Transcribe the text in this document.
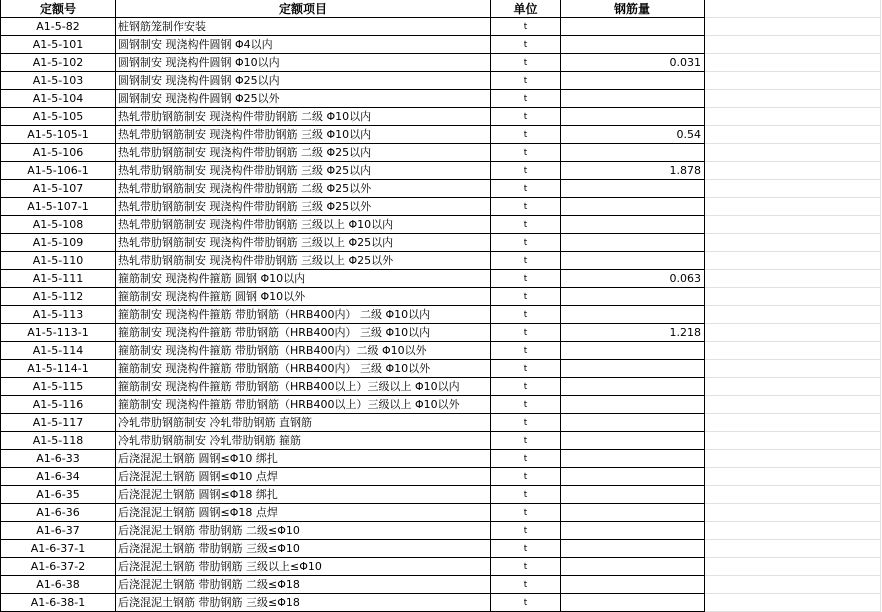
定额号	定额项目	单位	钢筋量	
A1-5-82	桩钢筋笼制作安装	t		
A1-5-101	圆钢制安 现浇构件圆钢 Φ4以内	t		
A1-5-102	圆钢制安 现浇构件圆钢 Φ10以内	t	0.031	
A1-5-103	圆钢制安 现浇构件圆钢 Φ25以内	t		
A1-5-104	圆钢制安 现浇构件圆钢 Φ25以外	t		
A1-5-105	热轧带肋钢筋制安 现浇构件带肋钢筋 二级 Φ10以内	t		
A1-5-105-1	热轧带肋钢筋制安 现浇构件带肋钢筋 三级 Φ10以内	t	0.54	
A1-5-106	热轧带肋钢筋制安 现浇构件带肋钢筋 二级 Φ25以内	t		
A1-5-106-1	热轧带肋钢筋制安 现浇构件带肋钢筋 三级 Φ25以内	t	1.878	
A1-5-107	热轧带肋钢筋制安 现浇构件带肋钢筋 二级 Φ25以外	t		
A1-5-107-1	热轧带肋钢筋制安 现浇构件带肋钢筋 三级 Φ25以外	t		
A1-5-108	热轧带肋钢筋制安 现浇构件带肋钢筋 三级以上 Φ10以内	t		
A1-5-109	热轧带肋钢筋制安 现浇构件带肋钢筋 三级以上 Φ25以内	t		
A1-5-110	热轧带肋钢筋制安 现浇构件带肋钢筋 三级以上 Φ25以外	t		
A1-5-111	箍筋制安 现浇构件箍筋 圆钢 Φ10以内	t	0.063	
A1-5-112	箍筋制安 现浇构件箍筋 圆钢 Φ10以外	t		
A1-5-113	箍筋制安 现浇构件箍筋 带肋钢筋（HRB400内） 二级 Φ10以内	t		
A1-5-113-1	箍筋制安 现浇构件箍筋 带肋钢筋（HRB400内） 三级 Φ10以内	t	1.218	
A1-5-114	箍筋制安 现浇构件箍筋 带肋钢筋（HRB400内）二级 Φ10以外	t		
A1-5-114-1	箍筋制安 现浇构件箍筋 带肋钢筋（HRB400内） 三级 Φ10以外	t		
A1-5-115	箍筋制安 现浇构件箍筋 带肋钢筋（HRB400以上）三级以上 Φ10以内	t		
A1-5-116	箍筋制安 现浇构件箍筋 带肋钢筋（HRB400以上）三级以上 Φ10以外	t		
A1-5-117	冷轧带肋钢筋制安 冷轧带肋钢筋 直钢筋	t		
A1-5-118	冷轧带肋钢筋制安 冷轧带肋钢筋 箍筋	t		
A1-6-33	后浇混泥土钢筋 圆钢≤Φ10 绑扎	t		
A1-6-34	后浇混泥土钢筋 圆钢≤Φ10 点焊	t		
A1-6-35	后浇混泥土钢筋 圆钢≤Φ18 绑扎	t		
A1-6-36	后浇混泥土钢筋 圆钢≤Φ18 点焊	t		
A1-6-37	后浇混泥土钢筋 带肋钢筋 二级≤Φ10	t		
A1-6-37-1	后浇混泥土钢筋 带肋钢筋 三级≤Φ10	t		
A1-6-37-2	后浇混泥土钢筋 带肋钢筋 三级以上≤Φ10	t		
A1-6-38	后浇混泥土钢筋 带肋钢筋 二级≤Φ18	t		
A1-6-38-1	后浇混泥土钢筋 带肋钢筋 三级≤Φ18	t		
